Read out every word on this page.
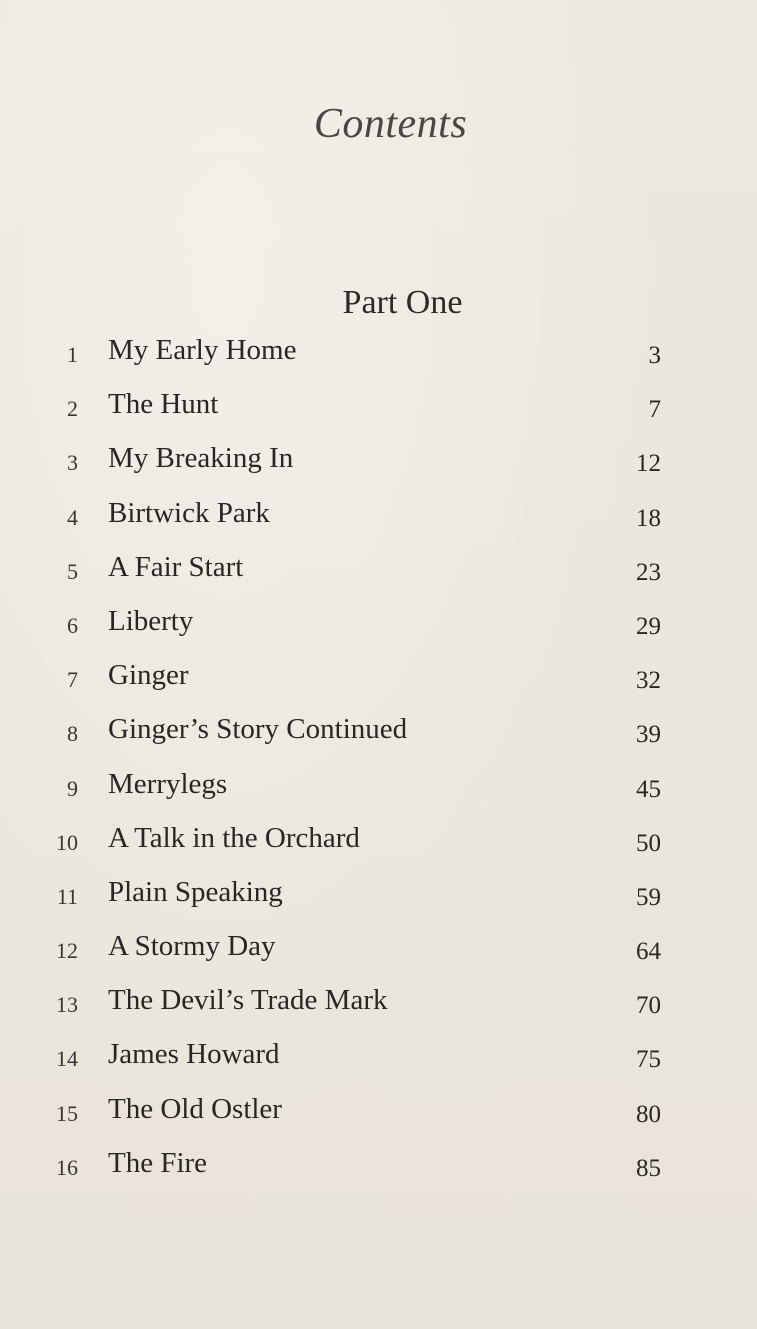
Contents
Part One
1 My Early Home	3
2 The Hunt	7
3 My Breaking In	12
4 Birtwick Park	18
5 A Fair Start	23
6 Liberty	29
7 Ginger	32
8 Ginger’s Story Continued	39
9 Merrylegs	45
10 A Talk in the Orchard	50
11 Plain Speaking	59
12 A Stormy Day	64
13 The Devil’s Trade Mark	70
14 James Howard	75
15 The Old Ostler	80
16 The Fire	85
